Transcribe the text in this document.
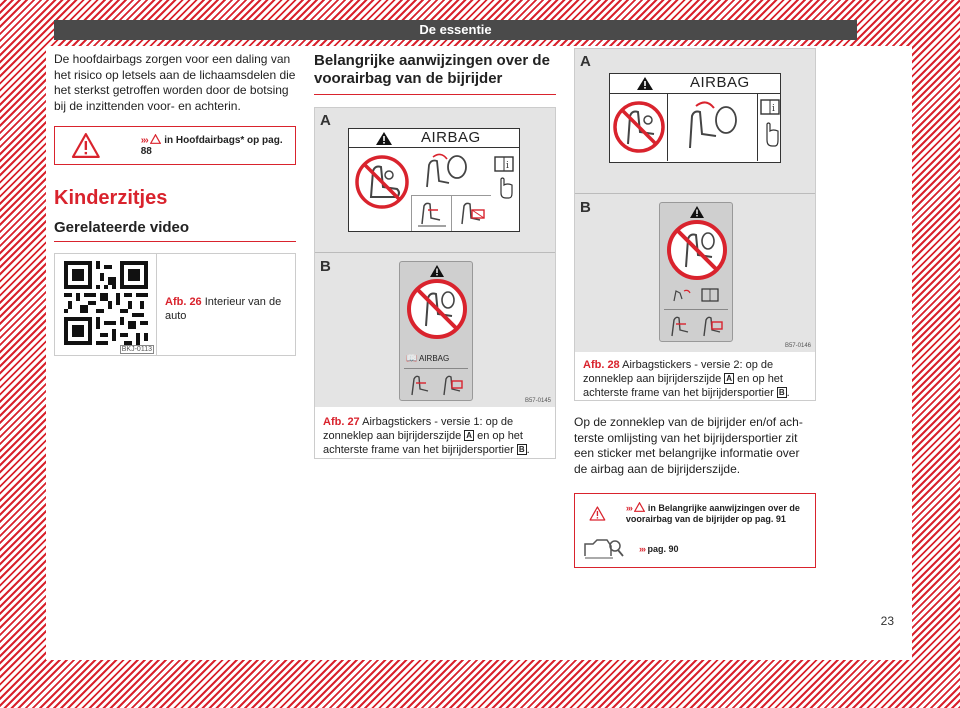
De essentie

De hoofdairbags zorgen voor een daling van het risico op letsels aan de lichaamsdelen die het sterkst getroffen worden door de botsing bij de inzittenden voor- en achterin.

››› in Hoofdairbags* op pag. 88
Kinderzitjes
Gerelateerde video
BKJ-0113

Afb. 26 Interieur van de auto

Belangrijke aanwijzingen over de voorairbag van de bijrijder
A
AIRBAG
i
B
📖 AIRBAG
B57-0145

Afb. 27 Airbagstickers - versie 1: op de zonneklep aan bijrijderszijde A en op het achterste frame van het bijrijdersportier B .

A
AIRBAG
i
B
B57-0146

Afb. 28 Airbagstickers - versie 2: op de zonneklep aan bijrijderszijde A en op het achterste frame van het bijrijdersportier B .

Op de zonneklep van de bijrijder en/of achterste omlijsting van het bijrijdersportier zit een sticker met belangrijke informatie over de airbag aan de bijrijderszijde.

››› in Belangrijke aanwijzingen over de voorairbag van de bijrijder op pag. 91
››› pag. 90
23
